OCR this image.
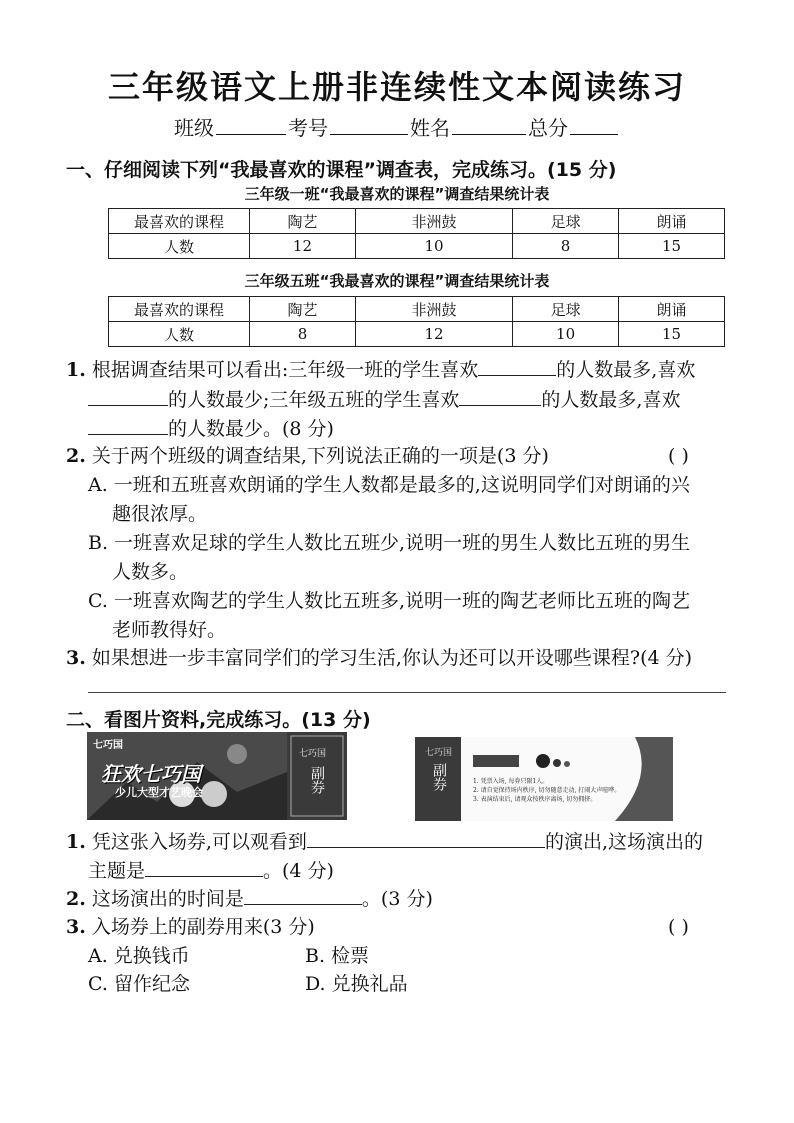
三年级语文上册非连续性文本阅读练习
班级	考号	姓名	总分
一、仔细阅读下列“我最喜欢的课程”调查表，完成练习。(15 分)
三年级一班“我最喜欢的课程”调查结果统计表
最喜欢的课程	陶艺	非洲鼓	足球	朗诵
人数	12	10	8	15
三年级五班“我最喜欢的课程”调查结果统计表
最喜欢的课程	陶艺	非洲鼓	足球	朗诵
人数	8	12	10	15
1. 根据调查结果可以看出:三年级一班的学生喜欢	的人数最多,喜欢
的人数最少;三年级五班的学生喜欢	的人数最多,喜欢
的人数最少。(8 分)
2. 关于两个班级的调查结果,下列说法正确的一项是(3 分)	( )
A. 一班和五班喜欢朗诵的学生人数都是最多的,这说明同学们对朗诵的兴
趣很浓厚。
B. 一班喜欢足球的学生人数比五班少,说明一班的男生人数比五班的男生
人数多。
C. 一班喜欢陶艺的学生人数比五班多,说明一班的陶艺老师比五班的陶艺
老师教得好。
3. 如果想进一步丰富同学们的学习生活,你认为还可以开设哪些课程?(4 分)
二、看图片资料,完成练习。(13 分)
七巧国
狂欢七巧国
少儿大型才艺晚会
七巧国
副券
七巧国
副券	1. 凭票入场, 每券只限1人。
2. 请自觉保持场内秩序, 切勿随意走动, 打闹大声喧哗。
3. 表演结束后, 请观众按秩序离场, 切勿拥挤。
1. 凭这张入场券,可以观看到	的演出,这场演出的
主题是	。(4 分)
2. 这场演出的时间是	。(3 分)
3. 入场券上的副券用来(3 分)	( )
A. 兑换钱币	B. 检票
C. 留作纪念	D. 兑换礼品
